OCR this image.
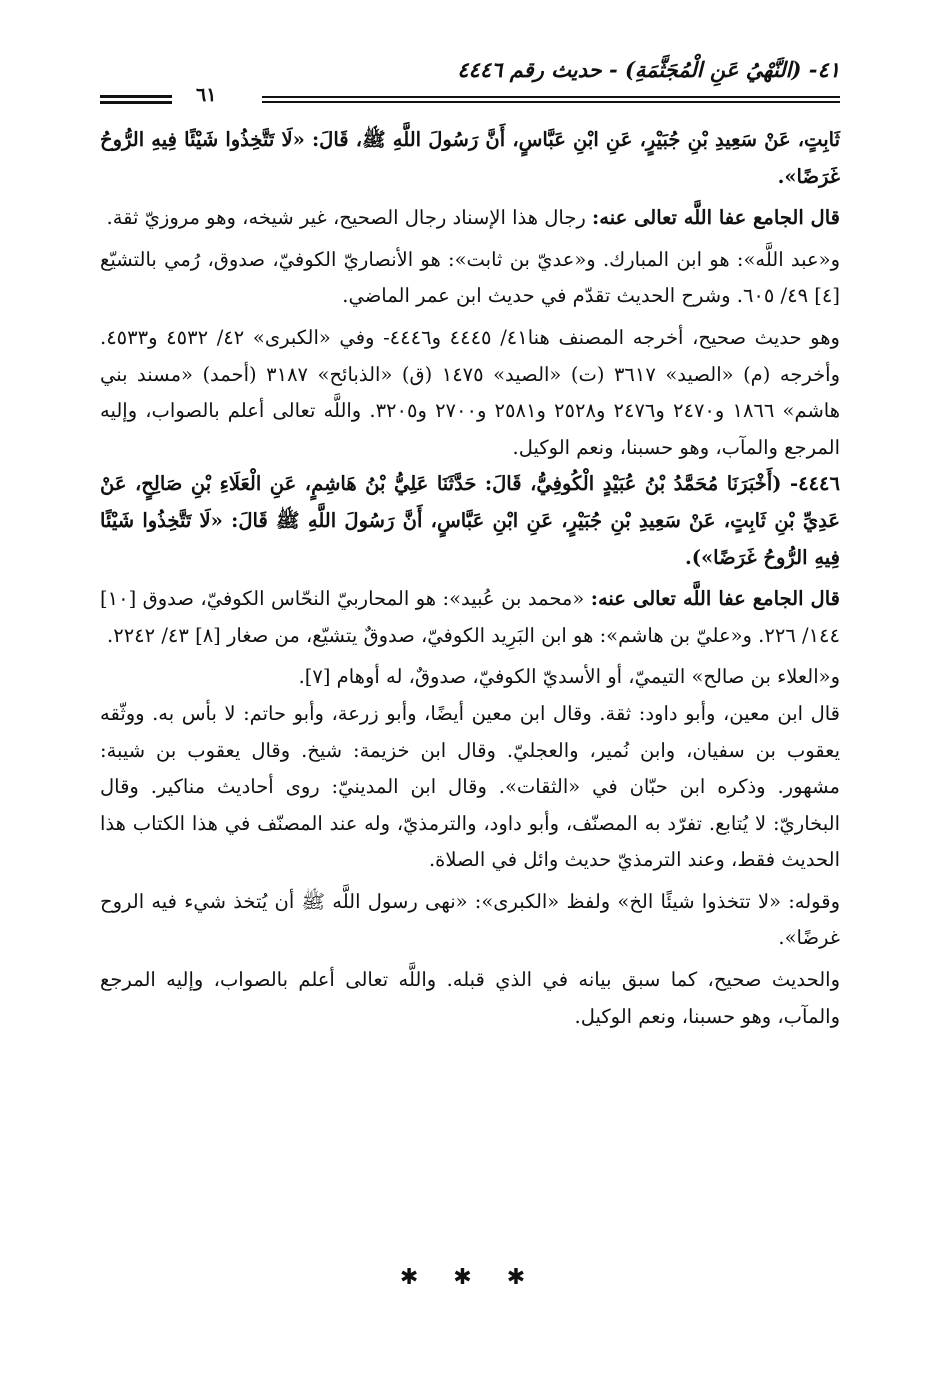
٤١- (النَّهْيُ عَنِ الْمُجَثَّمَةِ) - حديث رقم ٤٤٤٦
٦١

ثَابِتٍ، عَنْ سَعِيدِ بْنِ جُبَيْرٍ، عَنِ ابْنِ عَبَّاسٍ، أَنَّ رَسُولَ اللَّهِ ﷺ، قَالَ: «لَا تَتَّخِذُوا شَيْئًا فِيهِ الرُّوحُ غَرَضًا».

قال الجامع عفا اللَّه تعالى عنه: رجال هذا الإسناد رجال الصحيح، غير شيخه، وهو مروزيّ ثقة.

و«عبد اللَّه»: هو ابن المبارك. و«عديّ بن ثابت»: هو الأنصاريّ الكوفيّ، صدوق، رُمي بالتشيّع [٤] ٤٩/ ٦٠٥. وشرح الحديث تقدّم في حديث ابن عمر الماضي.

وهو حديث صحيح، أخرجه المصنف هنا٤١/ ٤٤٤٥ و٤٤٤٦- وفي «الكبرى» ٤٢/ ٤٥٣٢ و٤٥٣٣. وأخرجه (م) «الصيد» ٣٦١٧ (ت) «الصيد» ١٤٧٥ (ق) «الذبائح» ٣١٨٧ (أحمد) «مسند بني هاشم» ١٨٦٦ و٢٤٧٠ و٢٤٧٦ و٢٥٢٨ و٢٥٨١ و٢٧٠٠ و٣٢٠٥. واللَّه تعالى أعلم بالصواب، وإليه المرجع والمآب، وهو حسبنا، ونعم الوكيل.

٤٤٤٦- (أَخْبَرَنَا مُحَمَّدُ بْنُ عُبَيْدٍ الْكُوفِيُّ، قَالَ: حَدَّثَنَا عَلِيُّ بْنُ هَاشِمٍ، عَنِ الْعَلَاءِ بْنِ صَالِحٍ، عَنْ عَدِيِّ بْنِ ثَابِتٍ، عَنْ سَعِيدِ بْنِ جُبَيْرٍ، عَنِ ابْنِ عَبَّاسٍ، أَنَّ رَسُولَ اللَّهِ ﷺ قَالَ: «لَا تَتَّخِذُوا شَيْئًا فِيهِ الرُّوحُ غَرَضًا»).

قال الجامع عفا اللَّه تعالى عنه: «محمد بن عُبيد»: هو المحاربيّ النحّاس الكوفيّ، صدوق [١٠] ١٤٤/ ٢٢٦. و«عليّ بن هاشم»: هو ابن البَرِيد الكوفيّ، صدوقٌ يتشيّع، من صغار [٨] ٤٣/ ٢٢٤٢.

و«العلاء بن صالح» التيميّ، أو الأسديّ الكوفيّ، صدوقٌ، له أوهام [٧].

قال ابن معين، وأبو داود: ثقة. وقال ابن معين أيضًا، وأبو زرعة، وأبو حاتم: لا بأس به. ووثّقه يعقوب بن سفيان، وابن نُمير، والعجليّ. وقال ابن خزيمة: شيخ. وقال يعقوب بن شيبة: مشهور. وذكره ابن حبّان في «الثقات». وقال ابن المدينيّ: روى أحاديث مناكير. وقال البخاريّ: لا يُتابع. تفرّد به المصنّف، وأبو داود، والترمذيّ، وله عند المصنّف في هذا الكتاب هذا الحديث فقط، وعند الترمذيّ حديث وائل في الصلاة.

وقوله: «لا تتخذوا شيئًا الخ» ولفظ «الكبرى»: «نهى رسول اللَّه ﷺ أن يُتخذ شيء فيه الروح غرضًا».

والحديث صحيح، كما سبق بيانه في الذي قبله. واللَّه تعالى أعلم بالصواب، وإليه المرجع والمآب، وهو حسبنا، ونعم الوكيل.

✱ ✱ ✱
